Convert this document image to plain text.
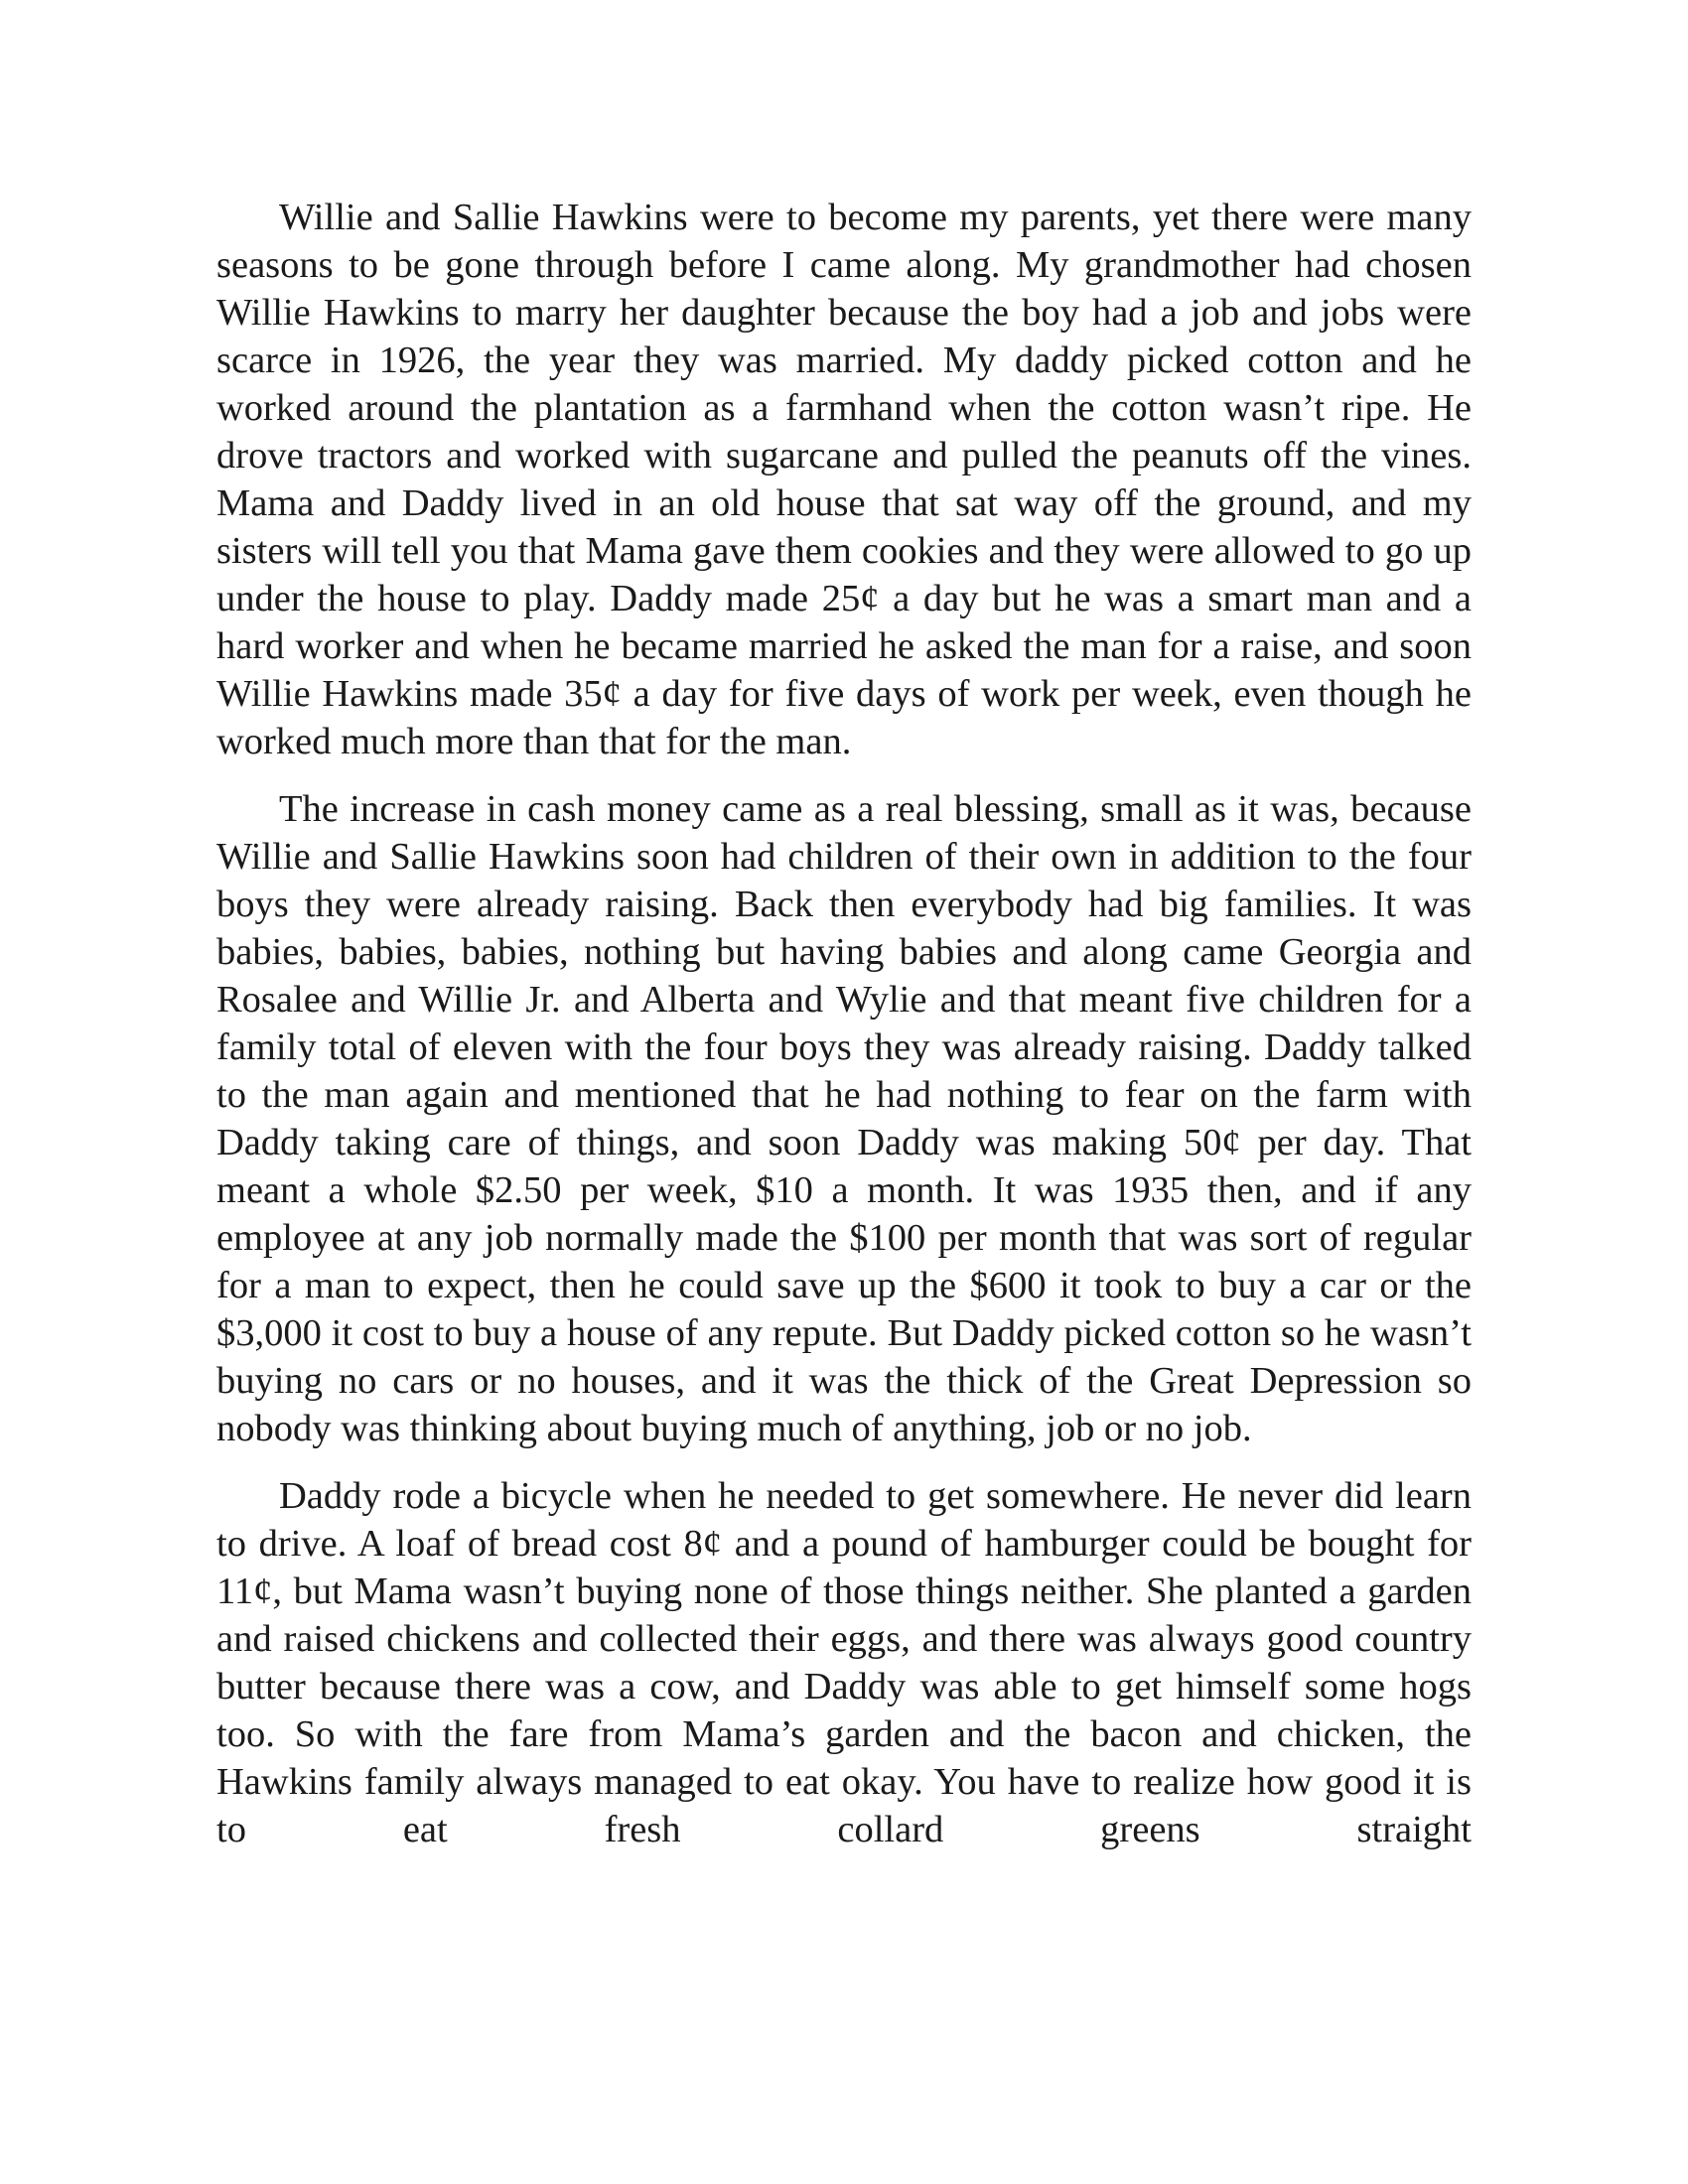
Willie and Sallie Hawkins were to become my parents, yet there were many seasons to be gone through before I came along. My grandmother had chosen Willie Hawkins to marry her daughter because the boy had a job and jobs were scarce in 1926, the year they was married. My daddy picked cotton and he worked around the plantation as a farmhand when the cotton wasn’t ripe. He drove tractors and worked with sugarcane and pulled the peanuts off the vines. Mama and Daddy lived in an old house that sat way off the ground, and my sisters will tell you that Mama gave them cookies and they were allowed to go up under the house to play. Daddy made 25¢ a day but he was a smart man and a hard worker and when he became married he asked the man for a raise, and soon Willie Hawkins made 35¢ a day for five days of work per week, even though he worked much more than that for the man.

The increase in cash money came as a real blessing, small as it was, because Willie and Sallie Hawkins soon had children of their own in addition to the four boys they were already raising. Back then everybody had big families. It was babies, babies, babies, nothing but having babies and along came Georgia and Rosalee and Willie Jr. and Alberta and Wylie and that meant five children for a family total of eleven with the four boys they was already raising. Daddy talked to the man again and mentioned that he had nothing to fear on the farm with Daddy taking care of things, and soon Daddy was making 50¢ per day. That meant a whole $2.50 per week, $10 a month. It was 1935 then, and if any employee at any job normally made the $100 per month that was sort of regular for a man to expect, then he could save up the $600 it took to buy a car or the $3,000 it cost to buy a house of any repute. But Daddy picked cotton so he wasn’t buying no cars or no houses, and it was the thick of the Great Depression so nobody was thinking about buying much of anything, job or no job.

Daddy rode a bicycle when he needed to get somewhere. He never did learn to drive. A loaf of bread cost 8¢ and a pound of hamburger could be bought for 11¢, but Mama wasn’t buying none of those things neither. She planted a garden and raised chickens and collected their eggs, and there was always good country butter because there was a cow, and Daddy was able to get himself some hogs too. So with the fare from Mama’s garden and the bacon and chicken, the Hawkins family always managed to eat okay. You have to realize how good it is to eat fresh collard greens straight
